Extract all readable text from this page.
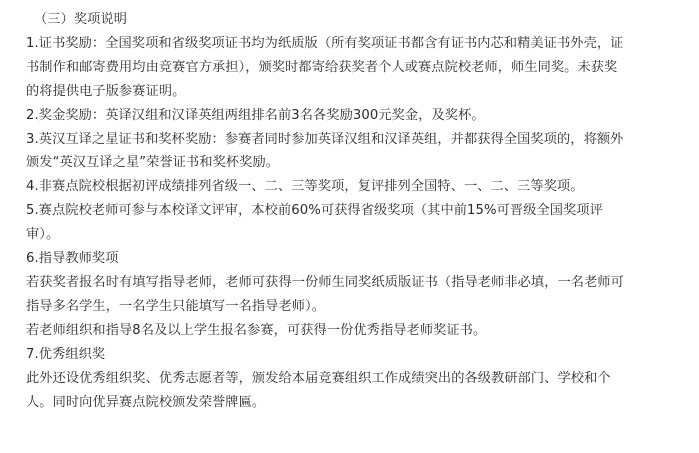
（三）奖项说明

1.证书奖励：全国奖项和省级奖项证书均为纸质版（所有奖项证书都含有证书内芯和精美证书外壳，证
书制作和邮寄费用均由竞赛官方承担），颁奖时都寄给获奖者个人或赛点院校老师，师生同奖。未获奖
的将提供电子版参赛证明。

2.奖金奖励：英译汉组和汉译英组两组排名前3名各奖励300元奖金，及奖杯。

3.英汉互译之星证书和奖杯奖励：参赛者同时参加英译汉组和汉译英组，并都获得全国奖项的，将额外
颁发“英汉互译之星”荣誉证书和奖杯奖励。

4.非赛点院校根据初评成绩排列省级一、二、三等奖项，复评排列全国特、一、二、三等奖项。

5.赛点院校老师可参与本校译文评审，本校前60%可获得省级奖项（其中前15%可晋级全国奖项评
审）。

6.指导教师奖项

若获奖者报名时有填写指导老师，老师可获得一份师生同奖纸质版证书（指导老师非必填，一名老师可
指导多名学生，一名学生只能填写一名指导老师）。

若老师组织和指导8名及以上学生报名参赛，可获得一份优秀指导老师奖证书。

7.优秀组织奖

此外还设优秀组织奖、优秀志愿者等，颁发给本届竞赛组织工作成绩突出的各级教研部门、学校和个
人。同时向优异赛点院校颁发荣誉牌匾。
